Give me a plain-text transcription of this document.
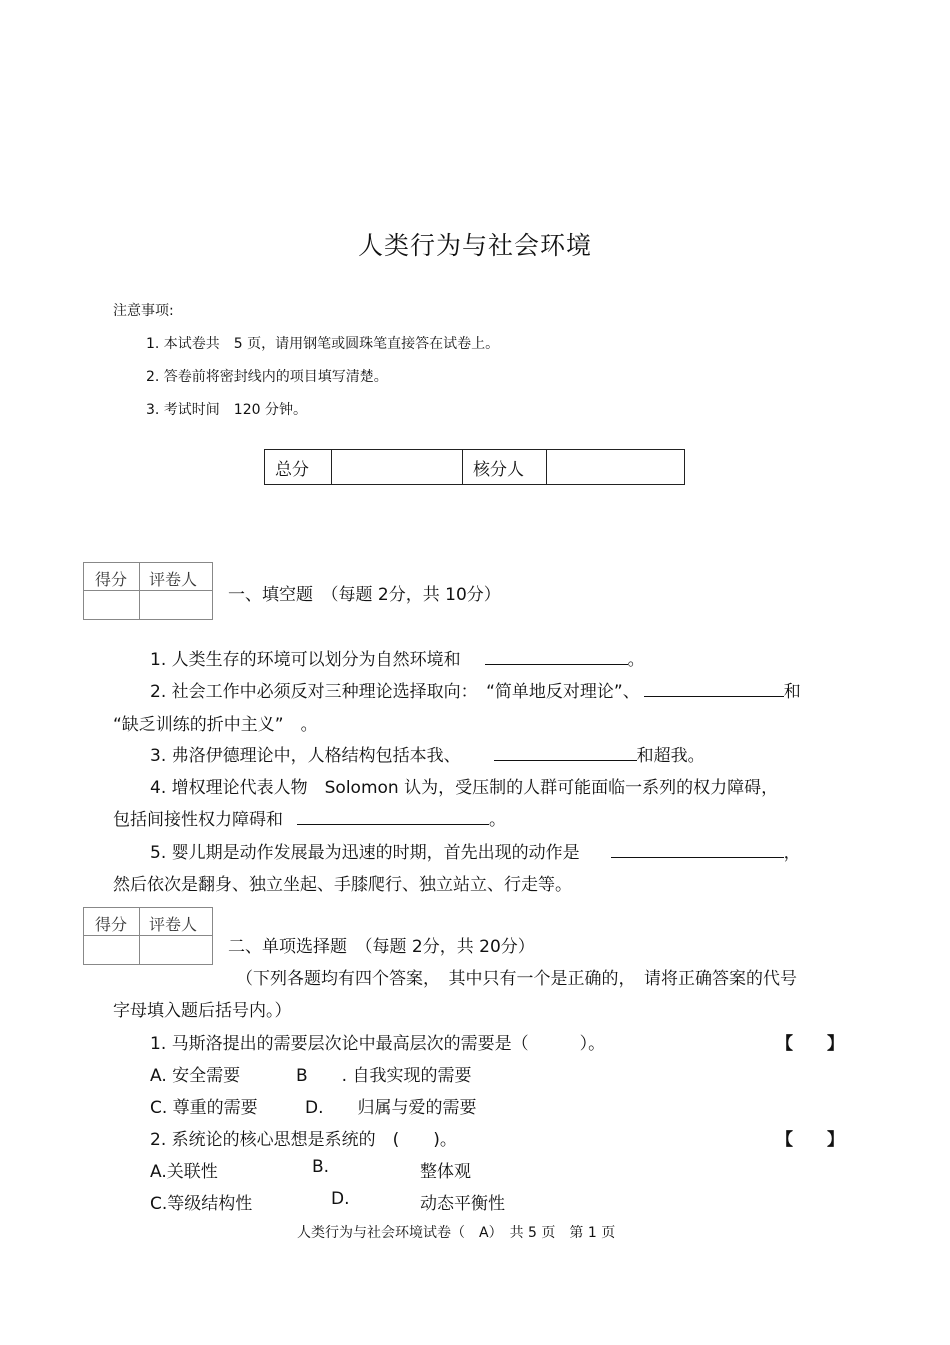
人类行为与社会环境
注意事项:
1. 本试卷共　5 页，请用钢笔或圆珠笔直接答在试卷上。
2. 答卷前将密封线内的项目填写清楚。
3. 考试时间　120 分钟。
总分		核分人	
得分 评卷人
一、填空题　（每题 2分，共 10分）
1. 人类生存的环境可以划分为自然环境和	。
2. 社会工作中必须反对三种理论选择取向：　“简单地反对理论”、	和
“缺乏训练的折中主义”　。
3. 弗洛伊德理论中，人格结构包括本我、	和超我。
4. 增权理论代表人物　Solomon 认为，受压制的人群可能面临一系列的权力障碍，
包括间接性权力障碍和	。
5. 婴儿期是动作发展最为迅速的时期，首先出现的动作是	，
然后依次是翻身、独立坐起、手膝爬行、独立站立、行走等。
得分 评卷人
二、单项选择题　（每题 2分，共 20分）
（下列各题均有四个答案，　其中只有一个是正确的，　请将正确答案的代号
字母填入题后括号内。）
1. 马斯洛提出的需要层次论中最高层次的需要是（　　　）。	【　　】
A. 安全需要	B　　. 自我实现的需要
C. 尊重的需要	D.　　归属与爱的需要
2. 系统论的核心思想是系统的　(　　)。	【　　】
A.关联性	B.	整体观
C.等级结构性	D.	动态平衡性
人类行为与社会环境试卷（　A）　共 5 页　第 1 页
